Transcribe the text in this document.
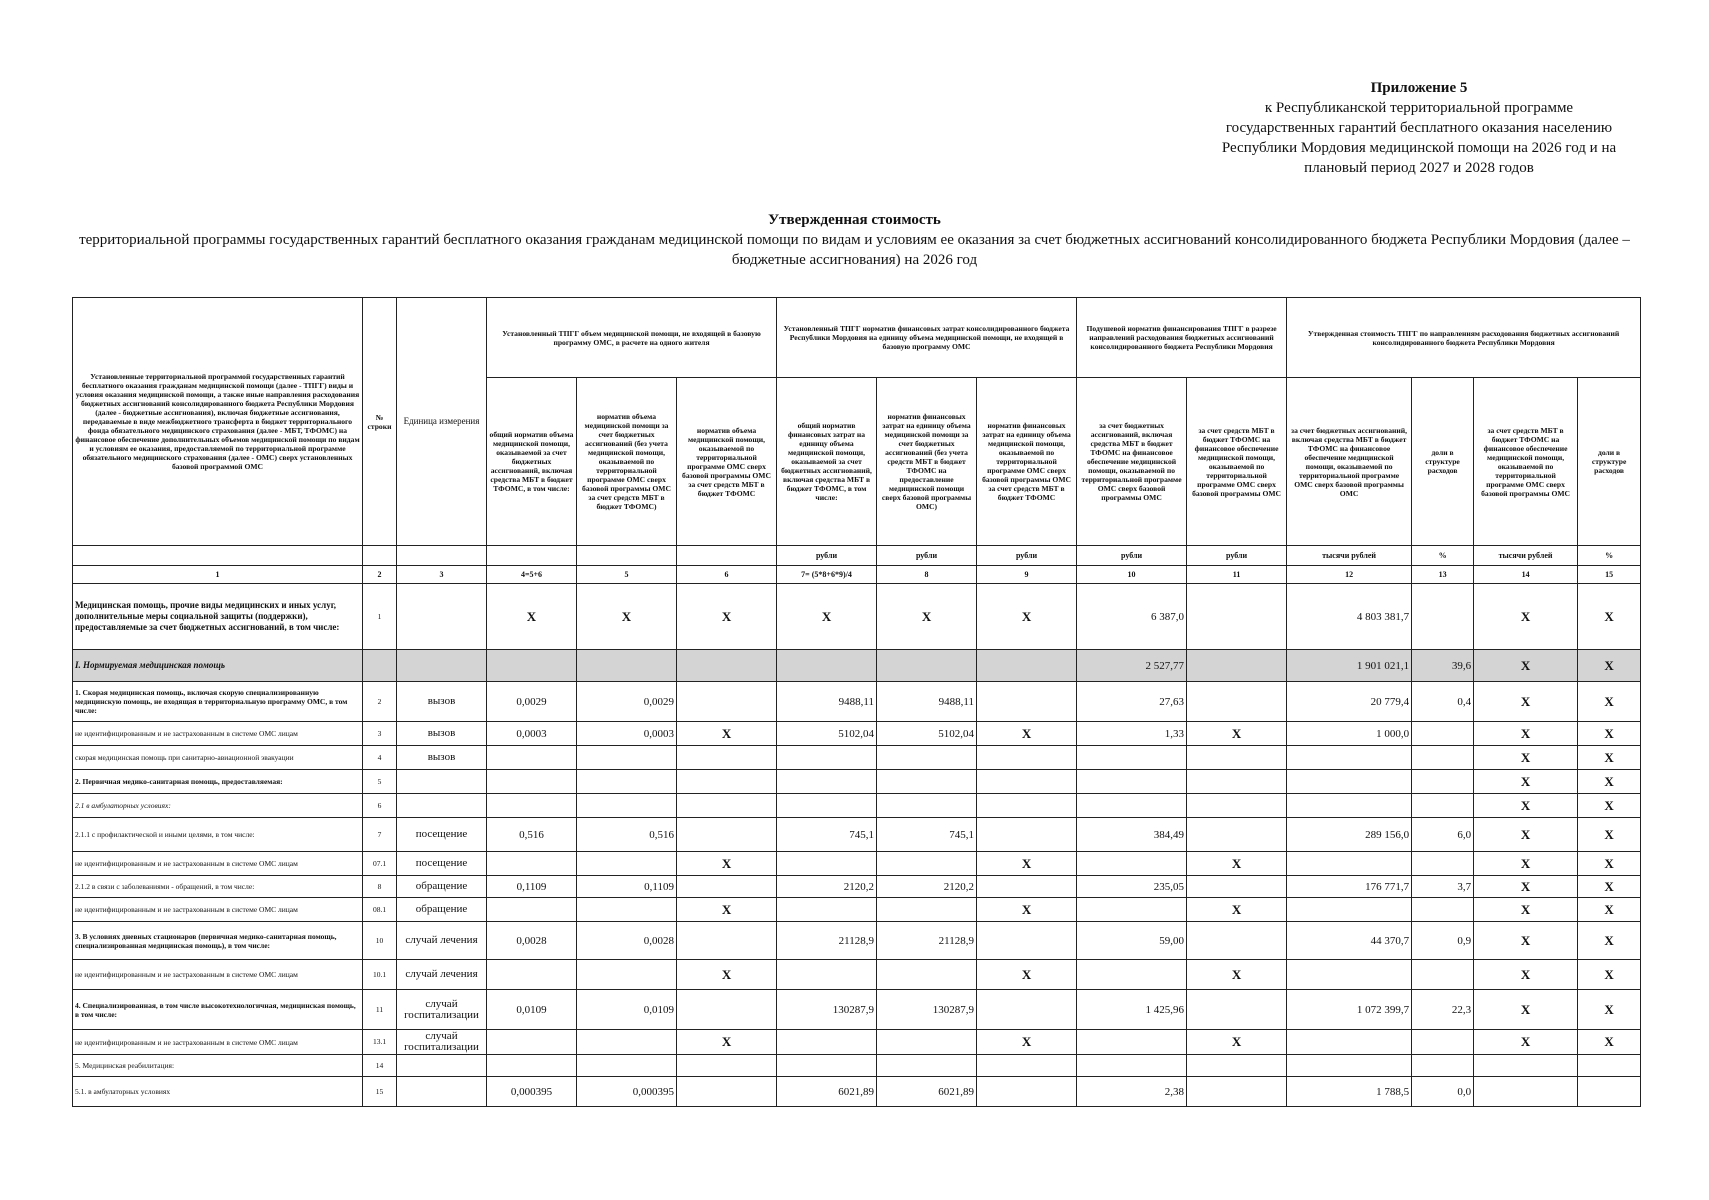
Приложение 5
к Республиканской территориальной программе
государственных гарантий бесплатного оказания населению
Республики Мордовия медицинской помощи на 2026 год и на
плановый период 2027 и 2028 годов
Утвержденная стоимость
территориальной программы государственных гарантий бесплатного оказания гражданам медицинской помощи по видам и условиям ее оказания за счет бюджетных ассигнований консолидированного бюджета Республики Мордовия (далее – бюджетные ассигнования) на 2026 год
Установленные территориальной программой государственных гарантий бесплатного оказания гражданам медицинской помощи (далее - ТПГГ) виды и условия оказания медицинской помощи, а также иные направления расходования бюджетных ассигнований консолидированного бюджета Республики Мордовия (далее - бюджетные ассигнования), включая бюджетные ассигнования, передаваемые в виде межбюджетного трансферта в бюджет территориального фонда обязательного медицинского страхования (далее - МБТ, ТФОМС) на финансовое обеспечение дополнительных объемов медицинской помощи по видам и условиям ее оказания, предоставляемой по территориальной программе обязательного медицинского страхования (далее - ОМС) сверх установленных базовой программой ОМС	№ строки	Единица измерения	Установленный ТПГГ объем медицинской помощи, не входящей в базовую программу ОМС, в расчете на одного жителя			Установленный ТПГГ норматив финансовых затрат консолидированного бюджета Республики Мордовия на единицу объема медицинской помощи, не входящей в базовую программу ОМС			Подушевой норматив финансирования ТПГГ в разрезе направлений расходования бюджетных ассигнований консолидированного бюджета Республики Мордовия		Утвержденная стоимость ТПГГ по направлениям расходования бюджетных ассигнований консолидированного бюджета Республики Мордовия			
			общий норматив объема медицинской помощи, оказываемой за счет бюджетных ассигнований, включая средства МБТ в бюджет ТФОМС, в том числе:	норматив объема медицинской помощи за счет бюджетных ассигнований (без учета медицинской помощи, оказываемой по территориальной программе ОМС сверх базовой программы ОМС за счет средств МБТ в бюджет ТФОМС)	норматив объема медицинской помощи, оказываемой по территориальной программе ОМС сверх базовой программы ОМС за счет средств МБТ в бюджет ТФОМС	общий норматив финансовых затрат на единицу объема медицинской помощи, оказываемой за счет бюджетных ассигнований, включая средства МБТ в бюджет ТФОМС, в том числе:	норматив финансовых затрат на единицу объема медицинской помощи за счет бюджетных ассигнований (без учета средств МБТ в бюджет ТФОМС на предоставление медицинской помощи сверх базовой программы ОМС)	норматив финансовых затрат на единицу объема медицинской помощи, оказываемой по территориальной программе ОМС сверх базовой программы ОМС за счет средств МБТ в бюджет ТФОМС	за счет бюджетных ассигнований, включая средства МБТ в бюджет ТФОМС на финансовое обеспечение медицинской помощи, оказываемой по территориальной программе ОМС сверх базовой программы ОМС	за счет средств МБТ в бюджет ТФОМС на финансовое обеспечение медицинской помощи, оказываемой по территориальной программе ОМС сверх базовой программы ОМС	за счет бюджетных ассигнований, включая средства МБТ в бюджет ТФОМС на финансовое обеспечение медицинской помощи, оказываемой по территориальной программе ОМС сверх базовой программы ОМС	доли в структуре расходов	за счет средств МБТ в бюджет ТФОМС на финансовое обеспечение медицинской помощи, оказываемой по территориальной программе ОМС сверх базовой программы ОМС	доли в структуре расходов
						рубли	рубли	рубли	рубли	рубли	тысячи рублей	%	тысячи рублей	%
1	2	3	4=5+6	5	6	7= (5*8+6*9)/4	8	9	10	11	12	13	14	15
Медицинская помощь, прочие виды медицинских и иных услуг, дополнительные меры социальной защиты (поддержки), предоставляемые за счет бюджетных ассигнований, в том числе:	1		X	X	X	X	X	X	6 387,0		4 803 381,7		X	X
I. Нормируемая медицинская помощь									2 527,77		1 901 021,1	39,6	X	X
1. Скорая медицинская помощь, включая скорую специализированную медицинскую помощь, не входящая в территориальную программу ОМС, в том числе:	2	вызов	0,0029	0,0029		9488,11	9488,11		27,63		20 779,4	0,4	X	X
не идентифицированным и не застрахованным в системе ОМС лицам	3	вызов	0,0003	0,0003	X	5102,04	5102,04	X	1,33	X	1 000,0		X	X
скорая медицинская помощь при санитарно-авиационной эвакуации	4	вызов											X	X
2. Первичная медико-санитарная помощь, предоставляемая:	5												X	X
2.1 в амбулаторных условиях:	6												X	X
2.1.1 с профилактической и иными целями, в том числе:	7	посещение	0,516	0,516		745,1	745,1		384,49		289 156,0	6,0	X	X
не идентифицированным и не застрахованным в системе ОМС лицам	07.1	посещение			X			X		X			X	X
2.1.2 в связи с заболеваниями - обращений, в том числе:	8	обращение	0,1109	0,1109		2120,2	2120,2		235,05		176 771,7	3,7	X	X
не идентифицированным и не застрахованным в системе ОМС лицам	08.1	обращение			X			X		X			X	X
3. В условиях дневных стационаров (первичная медико-санитарная помощь, специализированная медицинская помощь), в том числе:	10	случай лечения	0,0028	0,0028		21128,9	21128,9		59,00		44 370,7	0,9	X	X
не идентифицированным и не застрахованным в системе ОМС лицам	10.1	случай лечения			X			X		X			X	X
4. Специализированная, в том числе высокотехнологичная, медицинская помощь, в том числе:	11	случай госпитализации	0,0109	0,0109		130287,9	130287,9		1 425,96		1 072 399,7	22,3	X	X
не идентифицированным и не застрахованным в системе ОМС лицам	13.1	случай госпитализации			X			X		X			X	X
5. Медицинская реабилитация:	14													
5.1. в амбулаторных условиях	15		0,000395	0,000395		6021,89	6021,89		2,38		1 788,5	0,0		
